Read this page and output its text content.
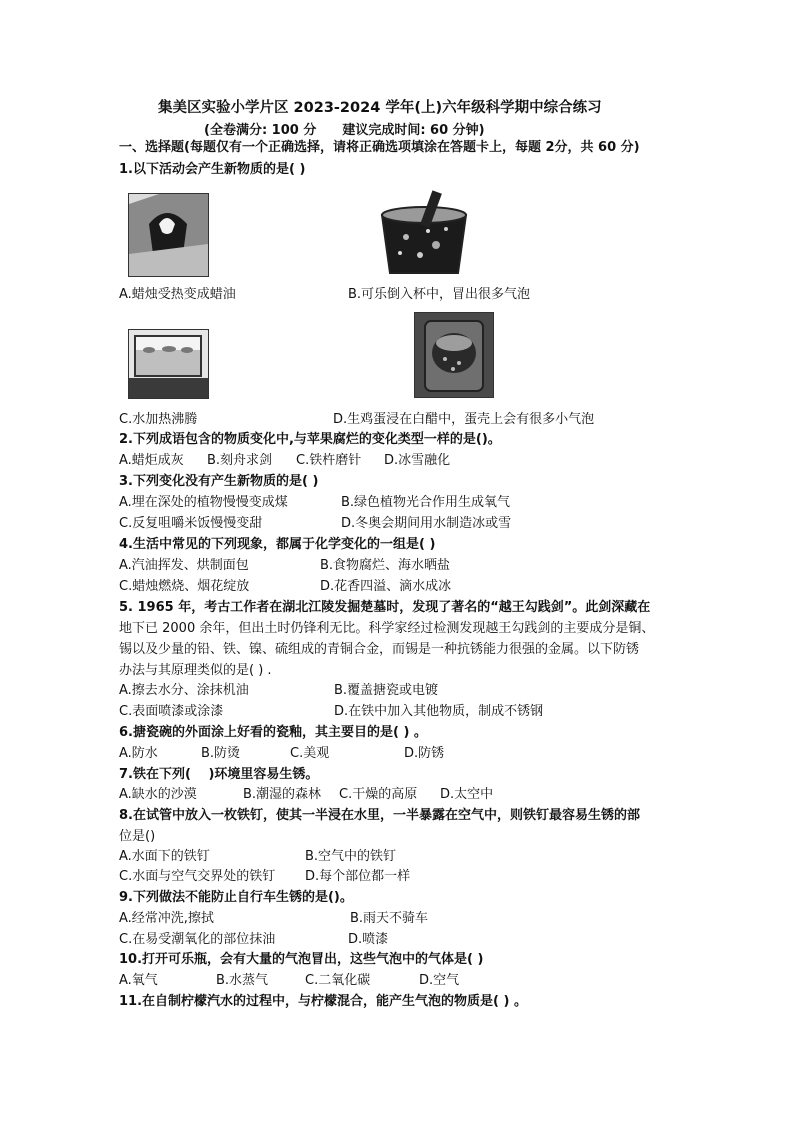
集美区实验小学片区 2023-2024 学年(上)六年级科学期中综合练习
(全卷满分: 100 分　　建议完成时间: 60 分钟)
一、选择题(每题仅有一个正确选择，请将正确选项填涂在答题卡上，每题 2分，共 60 分)
1.以下活动会产生新物质的是( )
A.蜡烛受热变成蜡油	B.可乐倒入杯中，冒出很多气泡
C.水加热沸腾	D.生鸡蛋浸在白醋中，蛋壳上会有很多小气泡
2.下列成语包含的物质变化中,与苹果腐烂的变化类型一样的是()。
A.蜡炬成灰 B.刻舟求剑 C.铁杵磨针 D.冰雪融化
3.下列变化没有产生新物质的是( )
A.埋在深处的植物慢慢变成煤	B.绿色植物光合作用生成氧气
C.反复咀嚼米饭慢慢变甜	D.冬奥会期间用水制造冰或雪
4.生活中常见的下列现象，都属于化学变化的一组是( )
A.汽油挥发、烘制面包	B.食物腐烂、海水晒盐
C.蜡烛燃烧、烟花绽放	D.花香四溢、滴水成冰
5. 1965 年，考古工作者在湖北江陵发掘楚墓时，发现了著名的“越王勾践剑”。此剑深藏在
地下已 2000 余年，但出土时仍锋利无比。科学家经过检测发现越王勾践剑的主要成分是铜、
锡以及少量的铅、铁、镍、硫组成的青铜合金，而锡是一种抗锈能力很强的金属。以下防锈
办法与其原理类似的是( ) .
A.擦去水分、涂抹机油	B.覆盖搪瓷或电镀
C.表面喷漆或涂漆	D.在铁中加入其他物质，制成不锈钢
6.搪瓷碗的外面涂上好看的瓷釉，其主要目的是( ) 。
A.防水	B.防烫	C.美观	D.防锈
7.铁在下列(　 )环境里容易生锈。
A.缺水的沙漠	B.潮湿的森林 C.干燥的高原 D.太空中
8.在试管中放入一枚铁钉，使其一半浸在水里，一半暴露在空气中，则铁钉最容易生锈的部
位是()
A.水面下的铁钉	B.空气中的铁钉
C.水面与空气交界处的铁钉 D.每个部位都一样
9.下列做法不能防止自行车生锈的是()。
A.经常冲洗,擦拭	B.雨天不骑车
C.在易受潮氧化的部位抹油	D.喷漆
10.打开可乐瓶，会有大量的气泡冒出，这些气泡中的气体是( )
A.氧气	B.水蒸气	C.二氧化碳	D.空气
11.在自制柠檬汽水的过程中，与柠檬混合，能产生气泡的物质是( ) 。
